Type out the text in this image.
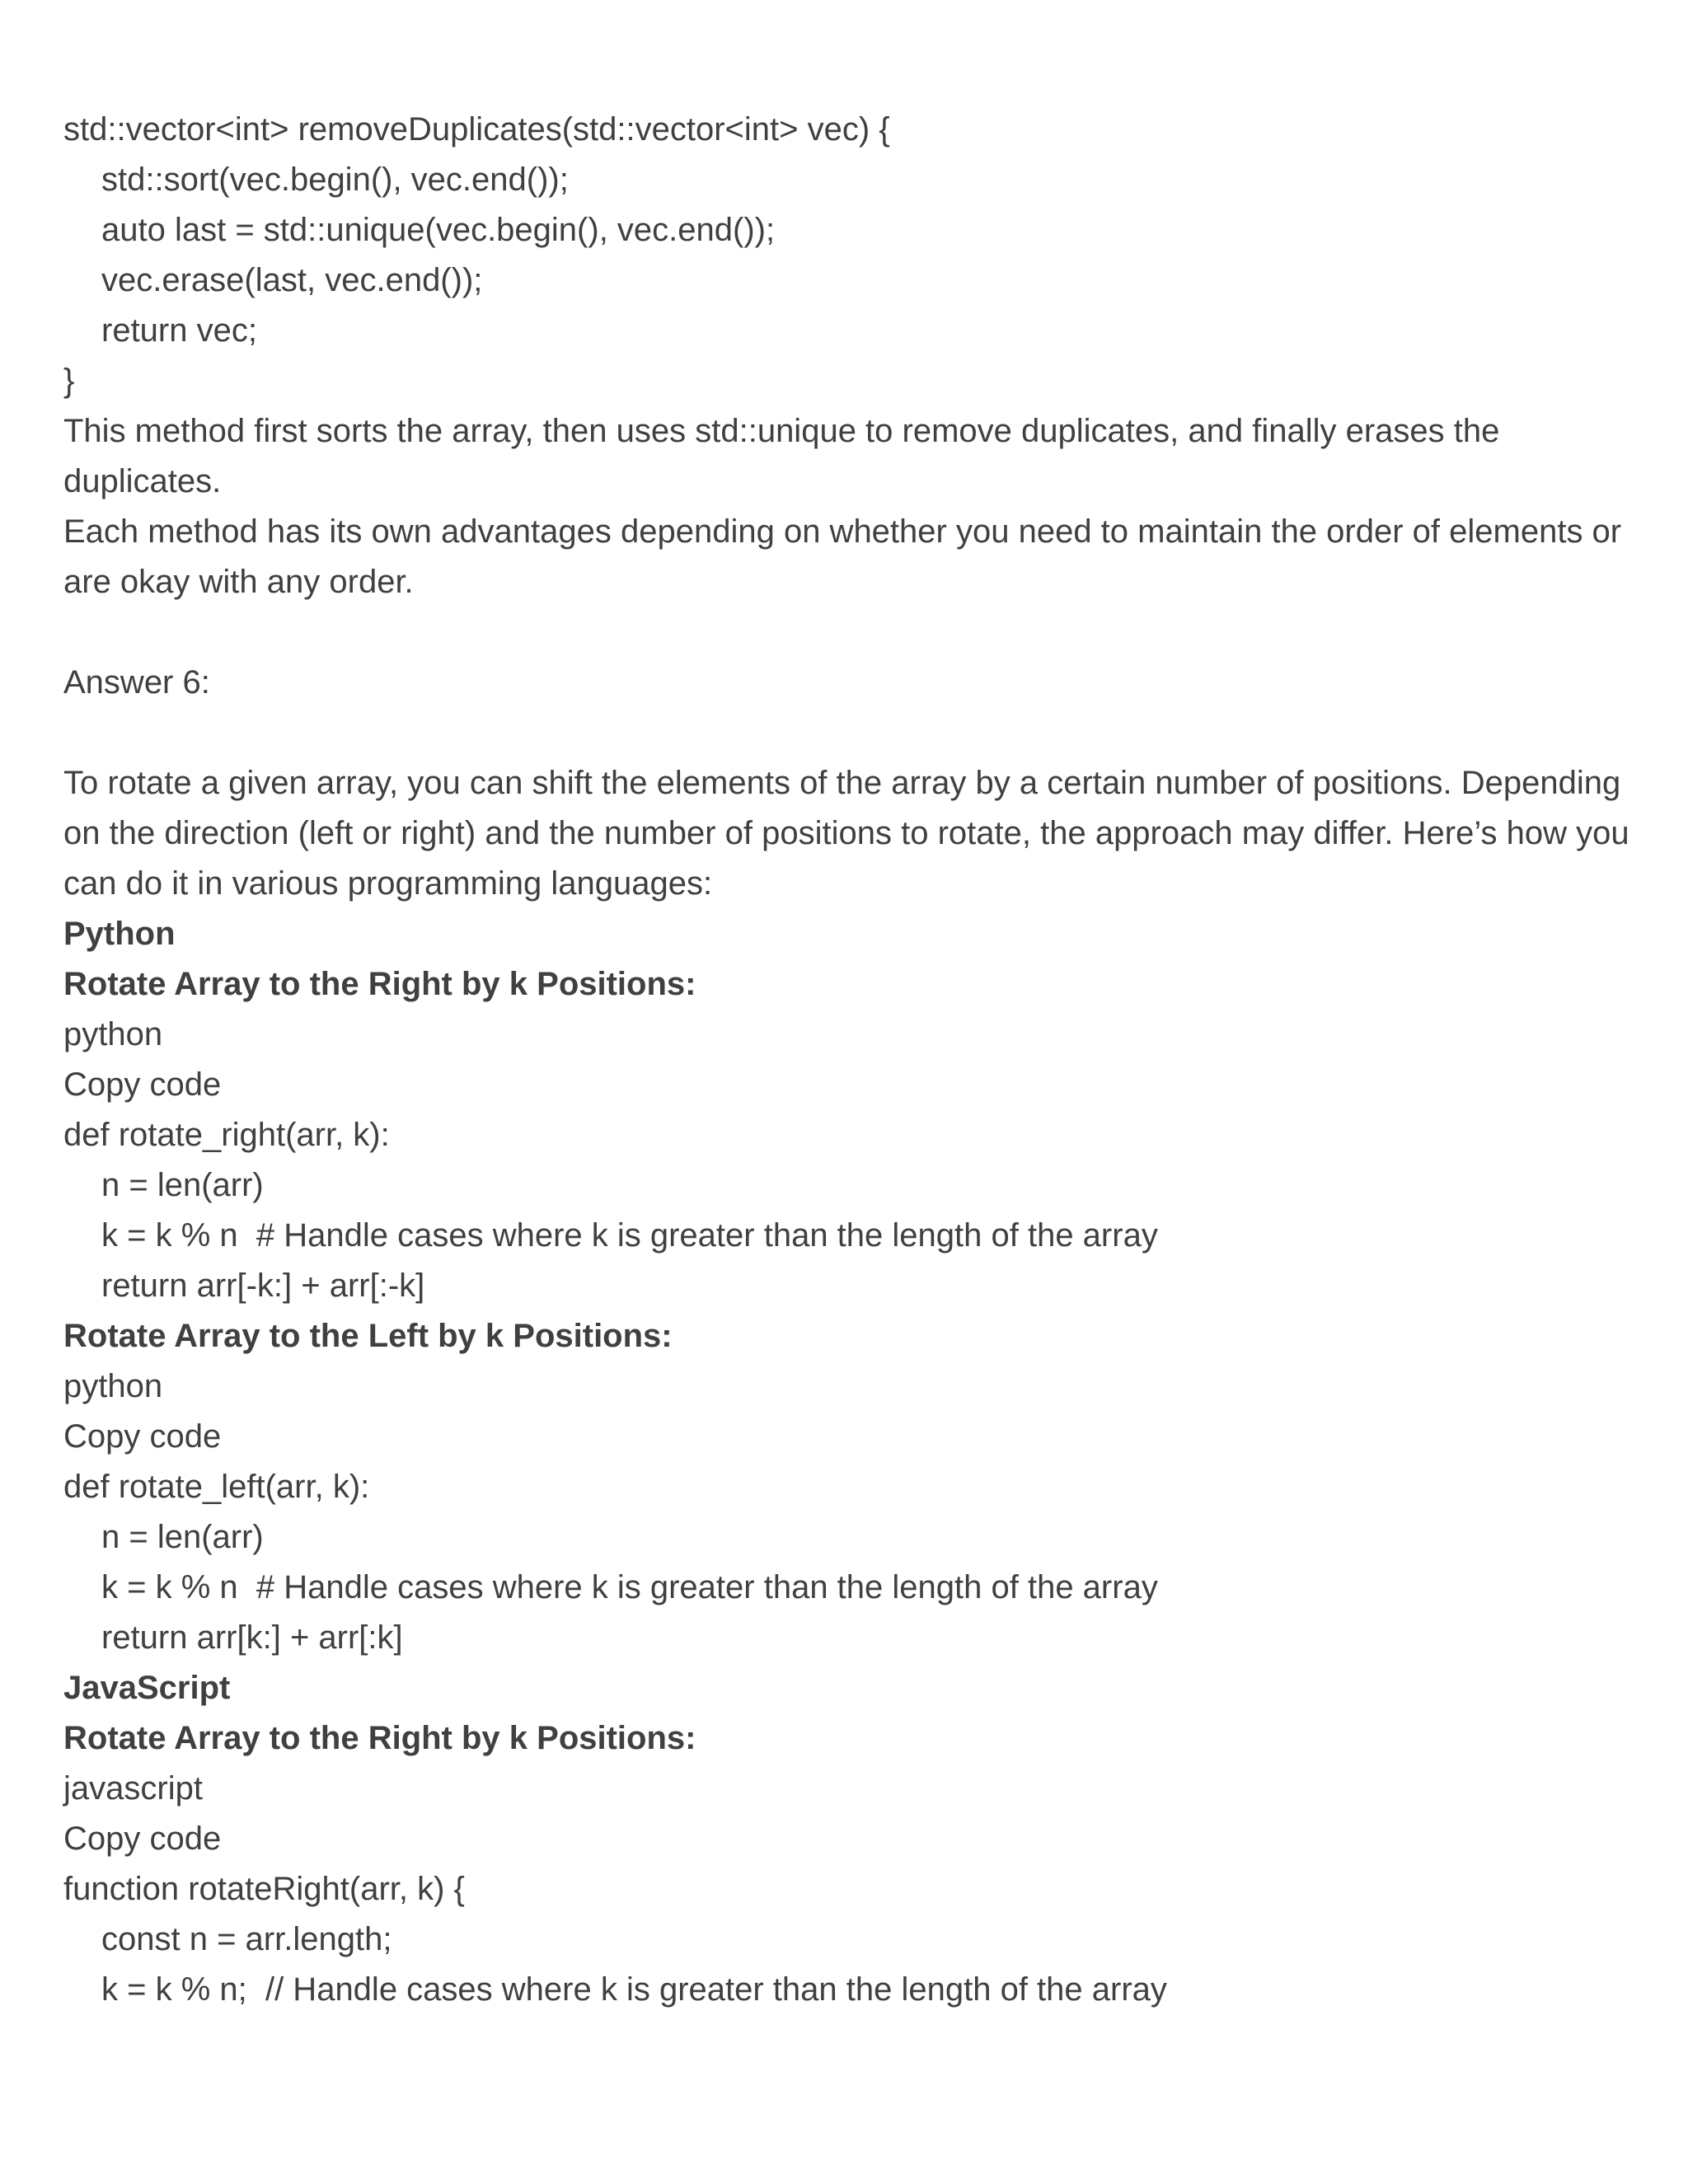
std::vector<int> removeDuplicates(std::vector<int> vec) {

std::sort(vec.begin(), vec.end());

auto last = std::unique(vec.begin(), vec.end());

vec.erase(last, vec.end());

return vec;

}

This method first sorts the array, then uses std::unique to remove duplicates, and finally erases the duplicates.

Each method has its own advantages depending on whether you need to maintain the order of elements or are okay with any order.

Answer 6:

To rotate a given array, you can shift the elements of the array by a certain number of positions. Depending on the direction (left or right) and the number of positions to rotate, the approach may differ. Here’s how you can do it in various programming languages:

Python

Rotate Array to the Right by k Positions:

python

Copy code

def rotate_right(arr, k):

n = len(arr)

k = k % n  # Handle cases where k is greater than the length of the array

return arr[-k:] + arr[:-k]

Rotate Array to the Left by k Positions:

python

Copy code

def rotate_left(arr, k):

n = len(arr)

k = k % n  # Handle cases where k is greater than the length of the array

return arr[k:] + arr[:k]

JavaScript

Rotate Array to the Right by k Positions:

javascript

Copy code

function rotateRight(arr, k) {

const n = arr.length;

k = k % n;  // Handle cases where k is greater than the length of the array
